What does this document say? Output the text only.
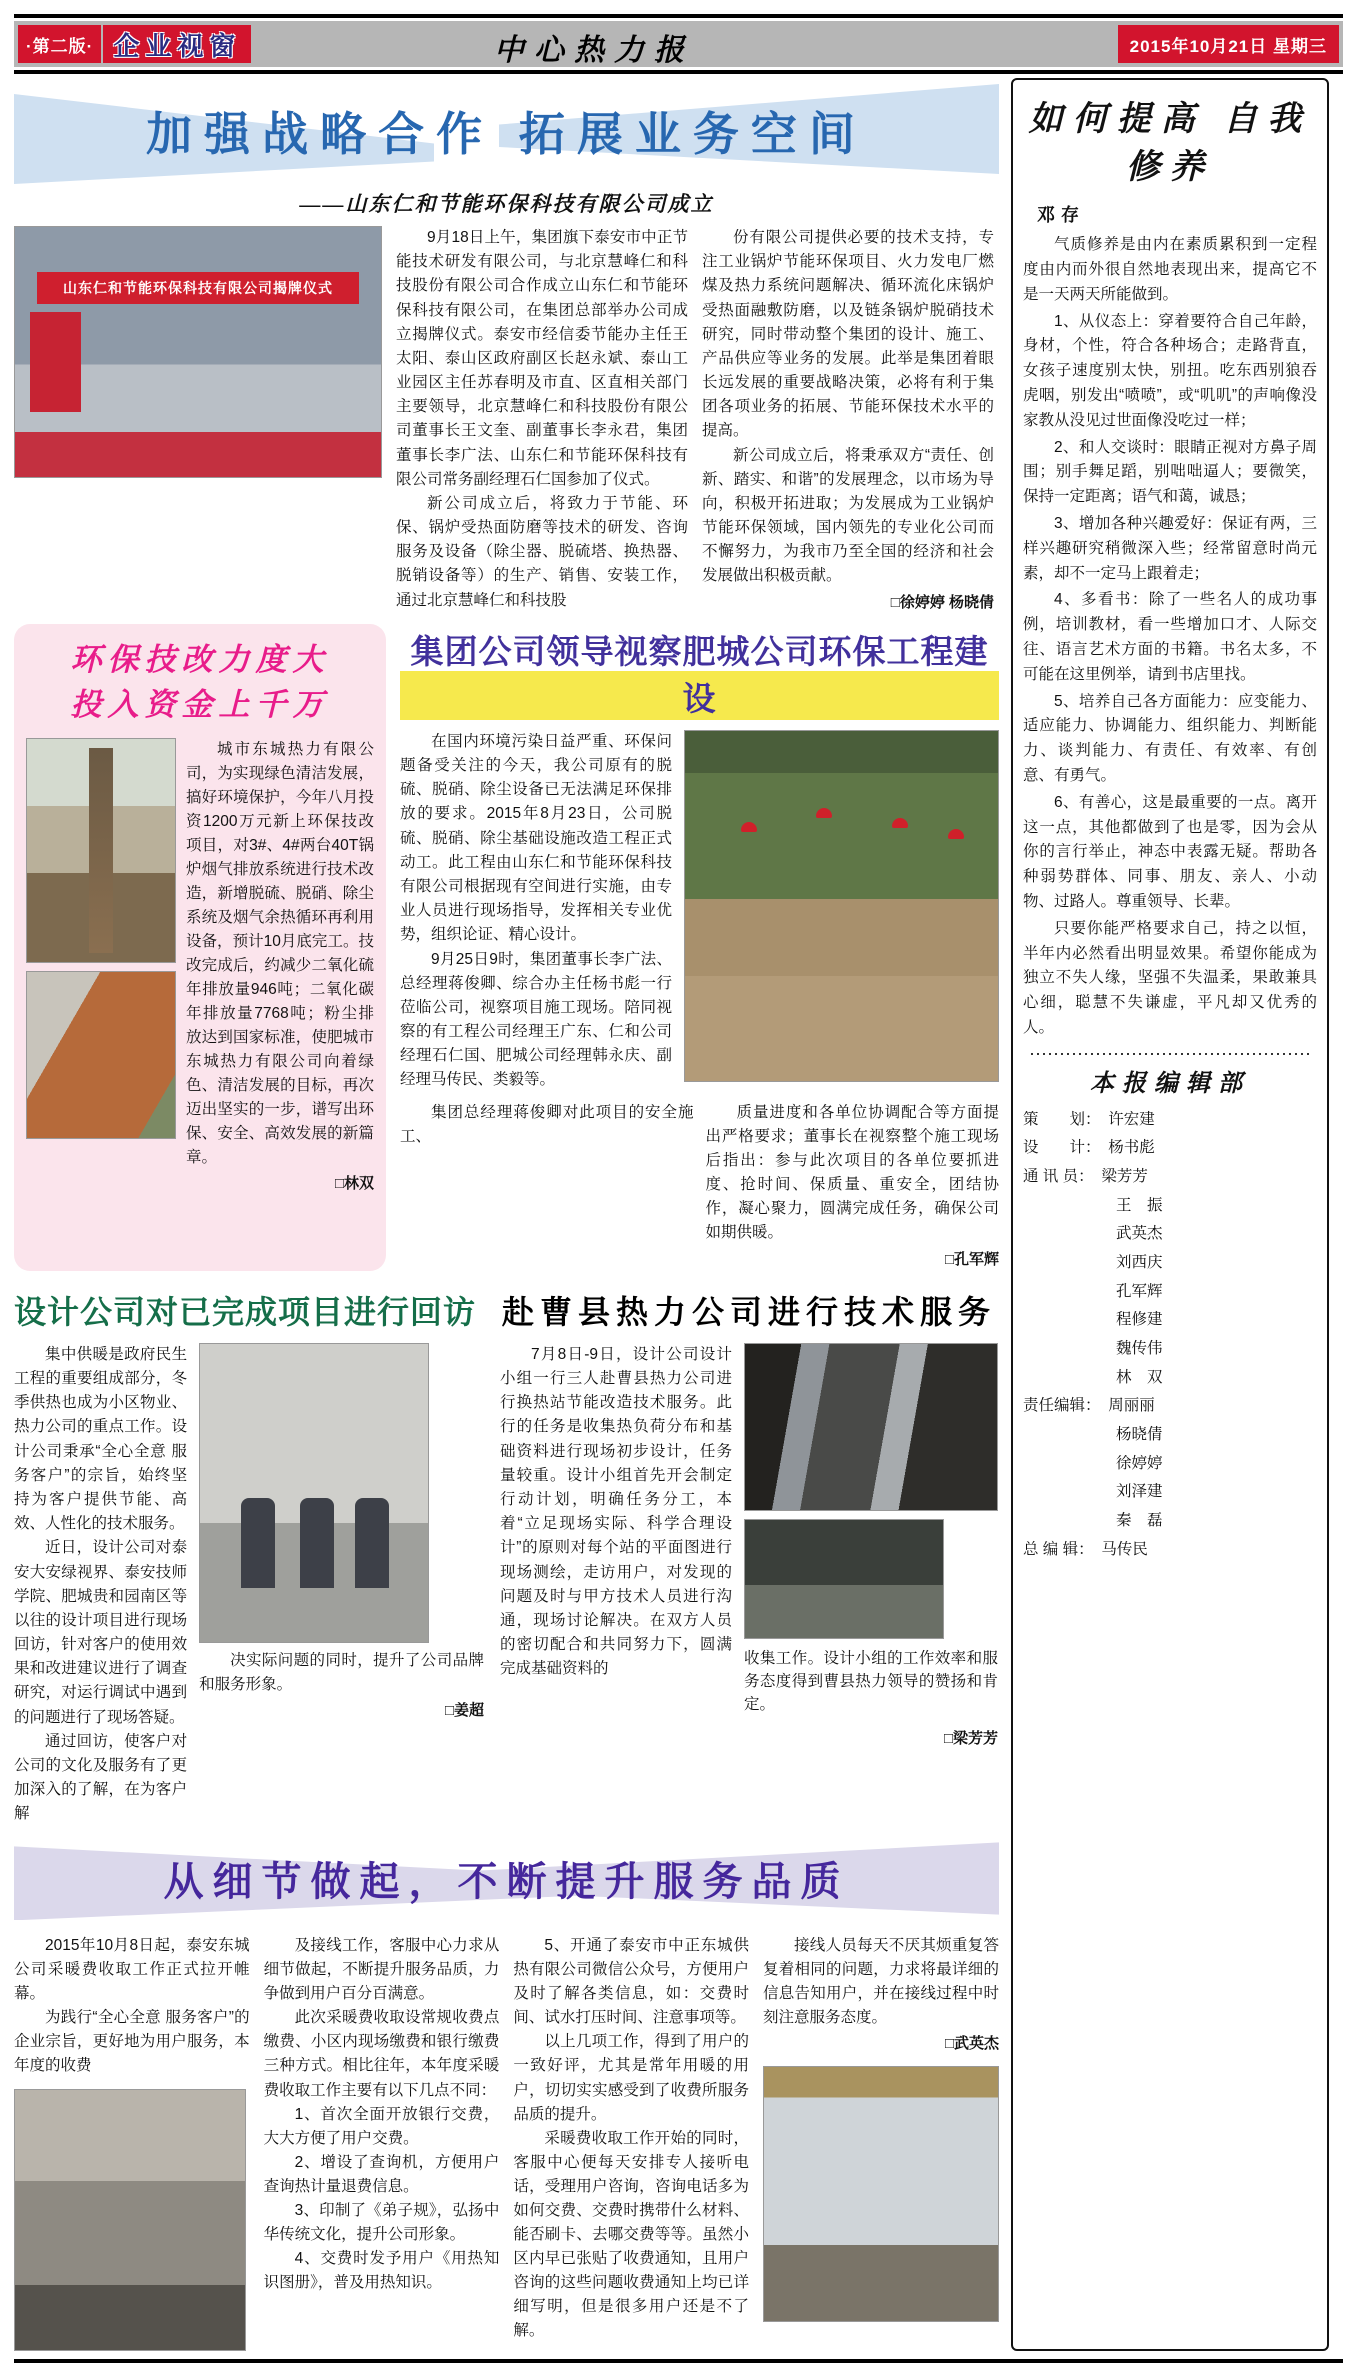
·第二版· 企业视窗	中心热力报	2015年10月21日 星期三
加强战略合作 拓展业务空间
——山东仁和节能环保科技有限公司成立
山东仁和节能环保科技有限公司揭牌仪式

9月18日上午，集团旗下泰安市中正节能技术研发有限公司，与北京慧峰仁和科技股份有限公司合作成立山东仁和节能环保科技有限公司，在集团总部举办公司成立揭牌仪式。泰安市经信委节能办主任王太阳、泰山区政府副区长赵永斌、泰山工业园区主任苏春明及市直、区直相关部门主要领导，北京慧峰仁和科技股份有限公司董事长王文奎、副董事长李永君，集团董事长李广法、山东仁和节能环保科技有限公司常务副经理石仁国参加了仪式。

新公司成立后，将致力于节能、环保、锅炉受热面防磨等技术的研发、咨询服务及设备（除尘器、脱硫塔、换热器、脱销设备等）的生产、销售、安装工作，通过北京慧峰仁和科技股

份有限公司提供必要的技术支持，专注工业锅炉节能环保项目、火力发电厂燃煤及热力系统问题解决、循环流化床锅炉受热面融敷防磨，以及链条锅炉脱硝技术研究，同时带动整个集团的设计、施工、产品供应等业务的发展。此举是集团着眼长远发展的重要战略决策，必将有利于集团各项业务的拓展、节能环保技术水平的提高。

新公司成立后，将秉承双方“责任、创新、踏实、和谐”的发展理念，以市场为导向，积极开拓进取；为发展成为工业锅炉节能环保领域，国内领先的专业化公司而不懈努力，为我市乃至全国的经济和社会发展做出积极贡献。

□徐婷婷 杨晓倩
环保技改力度大
投入资金上千万

城市东城热力有限公司，为实现绿色清洁发展，搞好环境保护，今年八月投资1200万元新上环保技改项目，对3#、4#两台40T锅炉烟气排放系统进行技术改造，新增脱硫、脱硝、除尘系统及烟气余热循环再利用设备，预计10月底完工。技改完成后，约减少二氧化硫年排放量946吨；二氧化碳年排放量7768吨；粉尘排放达到国家标准，使肥城市东城热力有限公司向着绿色、清洁发展的目标，再次迈出坚实的一步，谱写出环保、安全、高效发展的新篇章。

□林双
集团公司领导视察肥城公司环保工程建设

在国内环境污染日益严重、环保问题备受关注的今天，我公司原有的脱硫、脱硝、除尘设备已无法满足环保排放的要求。2015年8月23日，公司脱硫、脱硝、除尘基础设施改造工程正式动工。此工程由山东仁和节能环保科技有限公司根据现有空间进行实施，由专业人员进行现场指导，发挥相关专业优势，组织论证、精心设计。

9月25日9时，集团董事长李广法、总经理蒋俊卿、综合办主任杨书彪一行莅临公司，视察项目施工现场。陪同视察的有工程公司经理王广东、仁和公司经理石仁国、肥城公司经理韩永庆、副经理马传民、类毅等。

集团总经理蒋俊卿对此项目的安全施工、

质量进度和各单位协调配合等方面提出严格要求；董事长在视察整个施工现场后指出：参与此次项目的各单位要抓进度、抢时间、保质量、重安全，团结协作，凝心聚力，圆满完成任务，确保公司如期供暖。

□孔军辉
设计公司对已完成项目进行回访

集中供暖是政府民生工程的重要组成部分，冬季供热也成为小区物业、热力公司的重点工作。设计公司秉承“全心全意 服务客户”的宗旨，始终坚持为客户提供节能、高效、人性化的技术服务。

近日，设计公司对泰安大安绿视界、泰安技师学院、肥城贵和园南区等以往的设计项目进行现场回访，针对客户的使用效果和改进建议进行了调查研究，对运行调试中遇到的问题进行了现场答疑。

通过回访，使客户对公司的文化及服务有了更加深入的了解，在为客户解

决实际问题的同时，提升了公司品牌和服务形象。

□姜超
赴曹县热力公司进行技术服务

7月8日-9日，设计公司设计小组一行三人赴曹县热力公司进行换热站节能改造技术服务。此行的任务是收集热负荷分布和基础资料进行现场初步设计，任务量较重。设计小组首先开会制定行动计划，明确任务分工，本着“立足现场实际、科学合理设计”的原则对每个站的平面图进行现场测绘，走访用户，对发现的问题及时与甲方技术人员进行沟通，现场讨论解决。在双方人员的密切配合和共同努力下，圆满完成基础资料的

收集工作。设计小组的工作效率和服务态度得到曹县热力领导的赞扬和肯定。

□梁芳芳
从细节做起，不断提升服务品质

2015年10月8日起，泰安东城公司采暖费收取工作正式拉开帷幕。

为践行“全心全意 服务客户”的企业宗旨，更好地为用户服务，本年度的收费

及接线工作，客服中心力求从细节做起，不断提升服务品质，力争做到用户百分百满意。

此次采暖费收取设常规收费点缴费、小区内现场缴费和银行缴费三种方式。相比往年，本年度采暖费收取工作主要有以下几点不同：

1、首次全面开放银行交费，大大方便了用户交费。

2、增设了查询机，方便用户查询热计量退费信息。

3、印制了《弟子规》，弘扬中华传统文化，提升公司形象。

4、交费时发予用户《用热知识图册》，普及用热知识。

5、开通了泰安市中正东城供热有限公司微信公众号，方便用户及时了解各类信息，如：交费时间、试水打压时间、注意事项等。

以上几项工作，得到了用户的一致好评，尤其是常年用暖的用户，切切实实感受到了收费所服务品质的提升。

采暖费收取工作开始的同时，客服中心便每天安排专人接听电话，受理用户咨询，咨询电话多为如何交费、交费时携带什么材料、能否刷卡、去哪交费等等。虽然小区内早已张贴了收费通知，且用户咨询的这些问题收费通知上均已详细写明，但是很多用户还是不了解。

接线人员每天不厌其烦重复答复着相同的问题，力求将最详细的信息告知用户，并在接线过程中时刻注意服务态度。

□武英杰
如何提高 自我修养
邓存

气质修养是由内在素质累积到一定程度由内而外很自然地表现出来，提高它不是一天两天所能做到。

1、从仪态上：穿着要符合自己年龄，身材，个性，符合各种场合；走路背直，女孩子速度别太快，别扭。吃东西别狼吞虎咽，别发出“喷喷”，或“叽叽”的声响像没家教从没见过世面像没吃过一样；

2、和人交谈时：眼睛正视对方鼻子周围；别手舞足蹈，别咄咄逼人；要微笑，保持一定距离；语气和蔼，诚恳；

3、增加各种兴趣爱好：保证有两，三样兴趣研究稍微深入些；经常留意时尚元素，却不一定马上跟着走；

4、多看书：除了一些名人的成功事例，培训教材，看一些增加口才、人际交往、语言艺术方面的书籍。书名太多，不可能在这里例举，请到书店里找。

5、培养自己各方面能力：应变能力、适应能力、协调能力、组织能力、判断能力、谈判能力、有责任、有效率、有创意、有勇气。

6、有善心，这是最重要的一点。离开这一点，其他都做到了也是零，因为会从你的言行举止，神态中表露无疑。帮助各种弱势群体、同事、朋友、亲人、小动物、过路人。尊重领导、长辈。

只要你能严格要求自己，持之以恒，半年内必然看出明显效果。希望你能成为独立不失人缘，坚强不失温柔，果敢兼具心细，聪慧不失谦虚，平凡却又优秀的人。

本报编辑部

策　　划：　许宏建

设　　计：　杨书彪

通 讯 员：　梁芳芳

　　　　　　王　振

　　　　　　武英杰

　　　　　　刘西庆

　　　　　　孔军辉

　　　　　　程修建

　　　　　　魏传伟

　　　　　　林　双

责任编辑：　周丽丽

　　　　　　杨晓倩

　　　　　　徐婷婷

　　　　　　刘泽建

　　　　　　秦　磊

总 编 辑：　马传民
